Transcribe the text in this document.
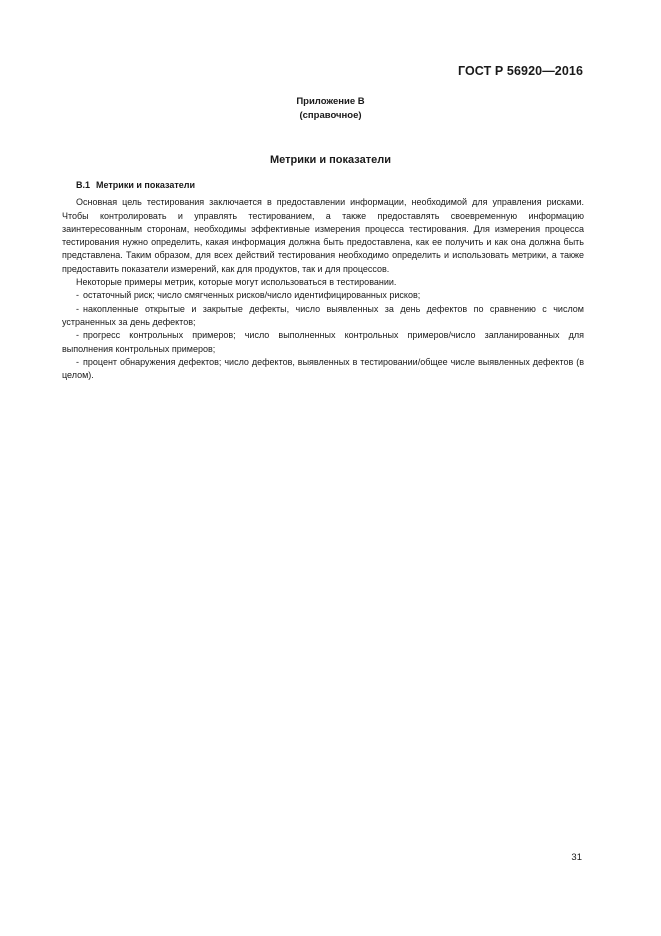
ГОСТ Р 56920—2016
Приложение В
(справочное)
Метрики и показатели
В.1 Метрики и показатели

Основная цель тестирования заключается в предоставлении информации, необходимой для управления рисками. Чтобы контролировать и управлять тестированием, а также предоставлять своевременную информацию заинтересованным сторонам, необходимы эффективные измерения процесса тестирования. Для измерения процесса тестирования нужно определить, какая информация должна быть предоставлена, как ее получить и как она должна быть представлена. Таким образом, для всех действий тестирования необходимо определить и использовать метрики, а также предоставить показатели измерений, как для продуктов, так и для процессов.

Некоторые примеры метрик, которые могут использоваться в тестировании.

- остаточный риск; число смягченных рисков/число идентифицированных рисков;
- накопленные открытые и закрытые дефекты, число выявленных за день дефектов по сравнению с числом устраненных за день дефектов;
- прогресс контрольных примеров; число выполненных контрольных примеров/число запланированных для выполнения контрольных примеров;
- процент обнаружения дефектов; число дефектов, выявленных в тестировании/общее числе выявленных дефектов (в целом).
31
